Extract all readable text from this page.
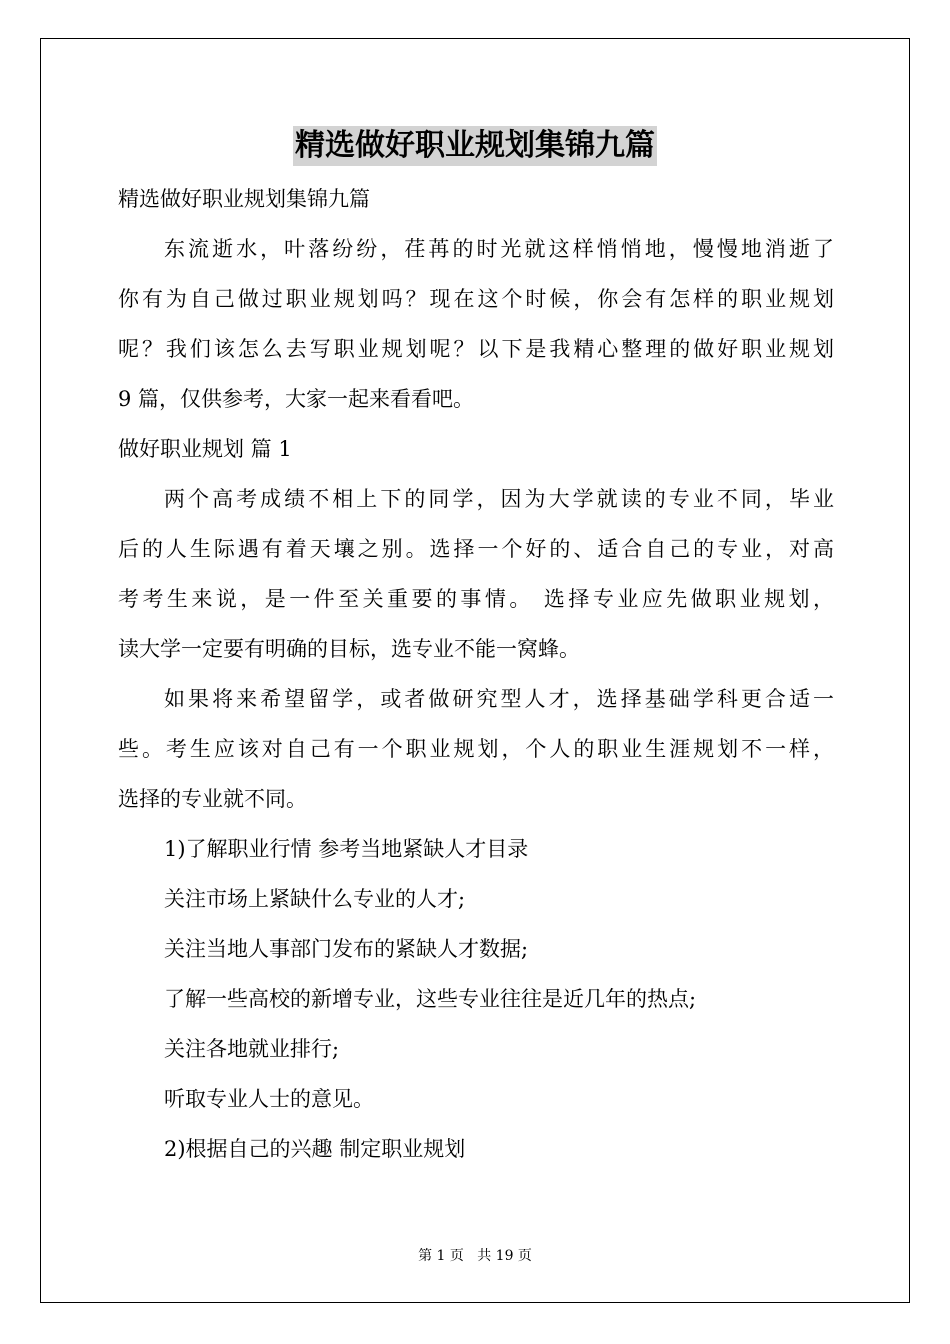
精选做好职业规划集锦九篇
精选做好职业规划集锦九篇
东流逝水，叶落纷纷，荏苒的时光就这样悄悄地，慢慢地消逝了
你有为自己做过职业规划吗？现在这个时候，你会有怎样的职业规划
呢？我们该怎么去写职业规划呢？以下是我精心整理的做好职业规划
9 篇，仅供参考，大家一起来看看吧。
做好职业规划 篇 1
两个高考成绩不相上下的同学，因为大学就读的专业不同，毕业
后的人生际遇有着天壤之别。选择一个好的、适合自己的专业，对高
考考生来说，是一件至关重要的事情。 选择专业应先做职业规划，
读大学一定要有明确的目标，选专业不能一窝蜂。
如果将来希望留学，或者做研究型人才，选择基础学科更合适一
些。考生应该对自己有一个职业规划，个人的职业生涯规划不一样，
选择的专业就不同。
1)了解职业行情 参考当地紧缺人才目录
关注市场上紧缺什么专业的人才;
关注当地人事部门发布的紧缺人才数据;
了解一些高校的新增专业，这些专业往往是近几年的热点;
关注各地就业排行;
听取专业人士的意见。
2)根据自己的兴趣 制定职业规划
第 1 页   共 19 页
